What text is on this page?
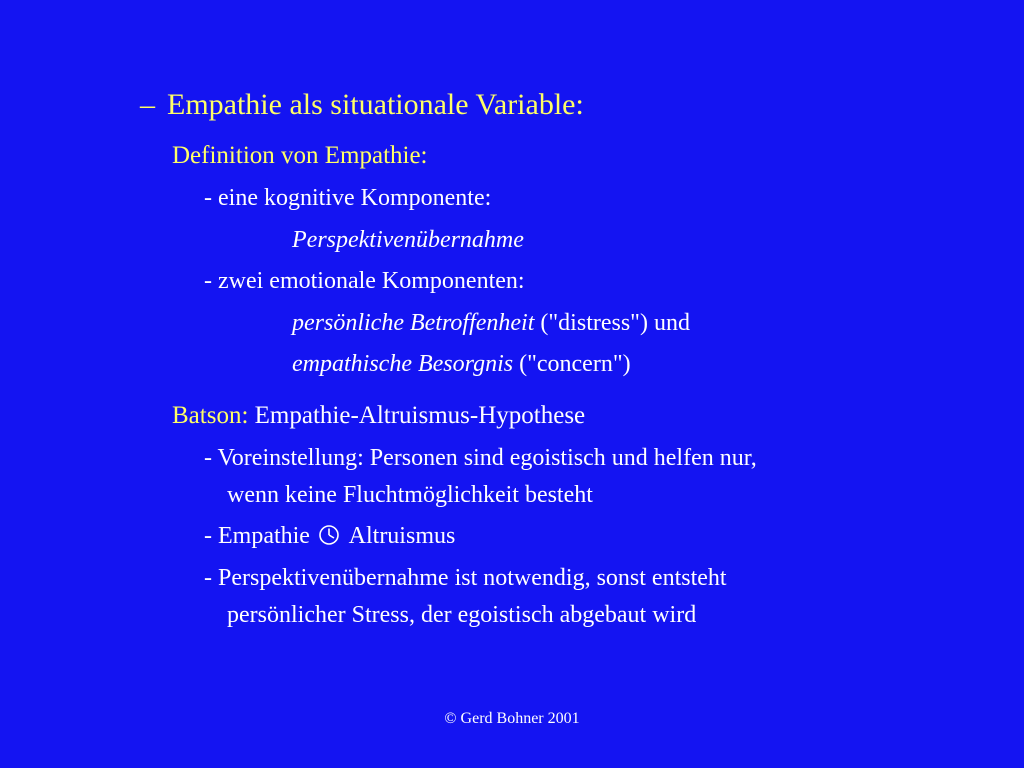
– Empathie als situationale Variable:
Definition von Empathie:
- eine kognitive Komponente:
Perspektivenübernahme
- zwei emotionale Komponenten:
persönliche Betroffenheit ("distress") und
empathische Besorgnis ("concern")
Batson: Empathie-Altruismus-Hypothese
- Voreinstellung: Personen sind egoistisch und helfen nur,
wenn keine Fluchtmöglichkeit besteht
- Empathie  Altruismus
- Perspektivenübernahme ist notwendig, sonst entsteht
persönlicher Stress, der egoistisch abgebaut wird
© Gerd Bohner 2001
